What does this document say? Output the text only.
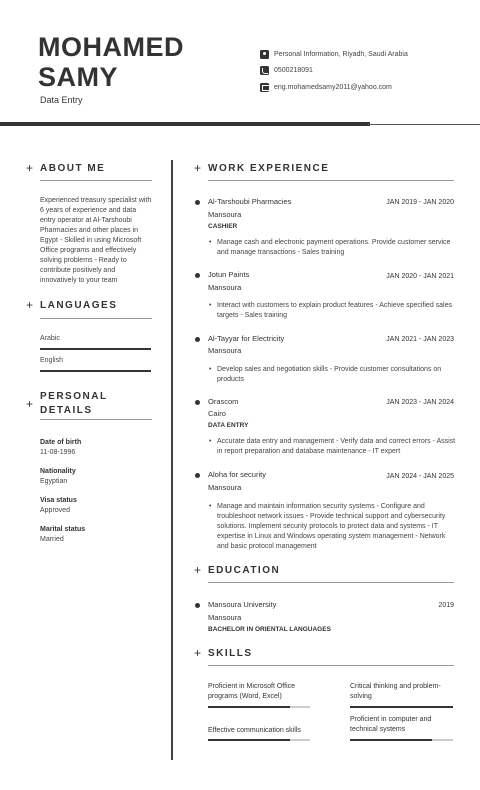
MOHAMED
SAMY
Data Entry
Personal Information, Riyadh, Saudi Arabia
0500218091
eng.mohamedsamy2011@yahoo.com
+ ABOUT ME
Experienced treasury specialist with 6 years of experience and data entry operator at Al-Tarshoubi Pharmacies and other places in Egypt - Skilled in using Microsoft Office programs and effectively solving problems - Ready to contribute positively and innovatively to your team
+ LANGUAGES
Arabic
English
+
PERSONAL
DETAILS
Date of birth
11-08-1996
Nationality
Egyptian
Visa status
Approved
Marital status
Married
+ WORK EXPERIENCE
Al-Tarshoubi Pharmacies	JAN 2019 - JAN 2020
Mansoura
CASHIER
• Manage cash and electronic payment operations. Provide customer service and manage transactions - Sales training
Jotun Paints	JAN 2020 - JAN 2021
Mansoura
• Interact with customers to explain product features - Achieve specified sales targets - Sales training
Al-Tayyar for Electricity	JAN 2021 - JAN 2023
Mansoura
• Develop sales and negotiation skills - Provide customer consultations on products
Orascom	JAN 2023 - JAN 2024
Cairo
DATA ENTRY
• Accurate data entry and management - Verify data and correct errors - Assist in report preparation and database maintenance - IT expert
Aloha for security	JAN 2024 - JAN 2025
Mansoura
• Manage and maintain information security systems - Configure and troubleshoot network issues - Provide technical support and cybersecurity solutions. Implement security protocols to protect data and systems - IT expertise in Linux and Windows operating system management - Network and basic protocol management
+ EDUCATION
Mansoura University	2019
Mansoura
BACHELOR IN ORIENTAL LANGUAGES
+ SKILLS
Proficient in Microsoft Office programs (Word, Excel)
Critical thinking and problem-solving
Effective communication skills
Proficient in computer and technical systems
